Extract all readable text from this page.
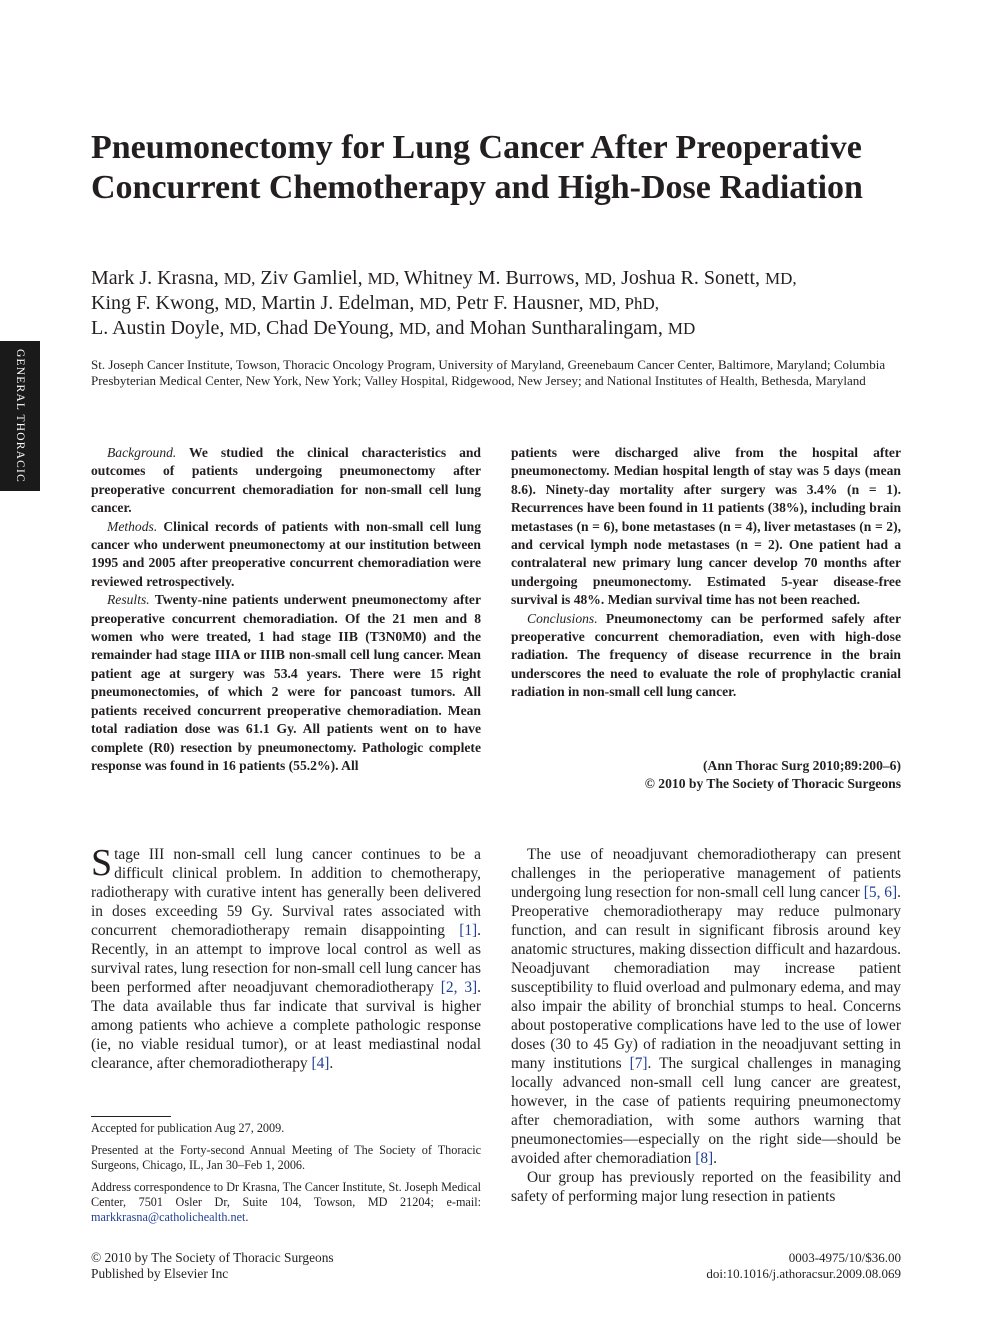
GENERAL THORACIC
Pneumonectomy for Lung Cancer After Preoperative Concurrent Chemotherapy and High-Dose Radiation
Mark J. Krasna, MD, Ziv Gamliel, MD, Whitney M. Burrows, MD, Joshua R. Sonett, MD,
King F. Kwong, MD, Martin J. Edelman, MD, Petr F. Hausner, MD, PhD,
L. Austin Doyle, MD, Chad DeYoung, MD, and Mohan Suntharalingam, MD
St. Joseph Cancer Institute, Towson, Thoracic Oncology Program, University of Maryland, Greenebaum Cancer Center, Baltimore, Maryland; Columbia Presbyterian Medical Center, New York, New York; Valley Hospital, Ridgewood, New Jersey; and National Institutes of Health, Bethesda, Maryland

Background. We studied the clinical characteristics and outcomes of patients undergoing pneumonectomy after preoperative concurrent chemoradiation for non-small cell lung cancer.

Methods. Clinical records of patients with non-small cell lung cancer who underwent pneumonectomy at our institution between 1995 and 2005 after preoperative concurrent chemoradiation were reviewed retrospectively.

Results. Twenty-nine patients underwent pneumonectomy after preoperative concurrent chemoradiation. Of the 21 men and 8 women who were treated, 1 had stage IIB (T3N0M0) and the remainder had stage IIIA or IIIB non-small cell lung cancer. Mean patient age at surgery was 53.4 years. There were 15 right pneumonectomies, of which 2 were for pancoast tumors. All patients received concurrent preoperative chemoradiation. Mean total radiation dose was 61.1 Gy. All patients went on to have complete (R0) resection by pneumonectomy. Pathologic complete response was found in 16 patients (55.2%). All

patients were discharged alive from the hospital after pneumonectomy. Median hospital length of stay was 5 days (mean 8.6). Ninety-day mortality after surgery was 3.4% (n = 1). Recurrences have been found in 11 patients (38%), including brain metastases (n = 6), bone metastases (n = 4), liver metastases (n = 2), and cervical lymph node metastases (n = 2). One patient had a contralateral new primary lung cancer develop 70 months after undergoing pneumonectomy. Estimated 5-year disease-free survival is 48%. Median survival time has not been reached.

Conclusions. Pneumonectomy can be performed safely after preoperative concurrent chemoradiation, even with high-dose radiation. The frequency of disease recurrence in the brain underscores the need to evaluate the role of prophylactic cranial radiation in non-small cell lung cancer.

(Ann Thorac Surg 2010;89:200–6)
© 2010 by The Society of Thoracic Surgeons

Stage III non-small cell lung cancer continues to be a difficult clinical problem. In addition to chemotherapy, radiotherapy with curative intent has generally been delivered in doses exceeding 59 Gy. Survival rates associated with concurrent chemoradiotherapy remain disappointing [1]. Recently, in an attempt to improve local control as well as survival rates, lung resection for non-small cell lung cancer has been performed after neoadjuvant chemoradiotherapy [2, 3]. The data available thus far indicate that survival is higher among patients who achieve a complete pathologic response (ie, no viable residual tumor), or at least mediastinal nodal clearance, after chemoradiotherapy [4].

The use of neoadjuvant chemoradiotherapy can present challenges in the perioperative management of patients undergoing lung resection for non-small cell lung cancer [5, 6]. Preoperative chemoradiotherapy may reduce pulmonary function, and can result in significant fibrosis around key anatomic structures, making dissection difficult and hazardous. Neoadjuvant chemoradiation may increase patient susceptibility to fluid overload and pulmonary edema, and may also impair the ability of bronchial stumps to heal. Concerns about postoperative complications have led to the use of lower doses (30 to 45 Gy) of radiation in the neoadjuvant setting in many institutions [7]. The surgical challenges in managing locally advanced non-small cell lung cancer are greatest, however, in the case of patients requiring pneumonectomy after chemoradiation, with some authors warning that pneumonectomies—especially on the right side—should be avoided after chemoradiation [8].

Our group has previously reported on the feasibility and safety of performing major lung resection in patients

Accepted for publication Aug 27, 2009.

Presented at the Forty-second Annual Meeting of The Society of Thoracic Surgeons, Chicago, IL, Jan 30–Feb 1, 2006.

Address correspondence to Dr Krasna, The Cancer Institute, St. Joseph Medical Center, 7501 Osler Dr, Suite 104, Towson, MD 21204; e-mail: markkrasna@catholichealth.net.

© 2010 by The Society of Thoracic Surgeons
Published by Elsevier Inc
0003-4975/10/$36.00
doi:10.1016/j.athoracsur.2009.08.069
